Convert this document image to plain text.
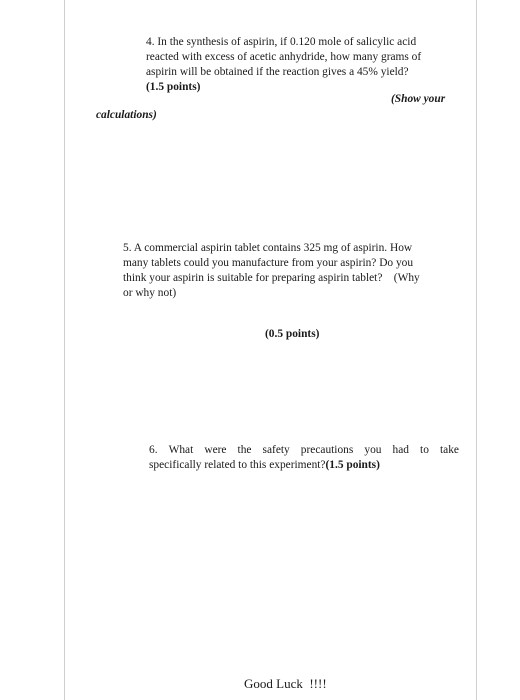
4. In the synthesis of aspirin, if 0.120 mole of salicylic acid
reacted with excess of acetic anhydride, how many grams of
aspirin will be obtained if the reaction gives a 45% yield?
(1.5 points)
(Show your
calculations)
5. A commercial aspirin tablet contains 325 mg of aspirin. How
many tablets could you manufacture from your aspirin? Do you
think your aspirin is suitable for preparing aspirin tablet?    (Why
or why not)
(0.5 points)
6. What were the safety precautions you had to take
specifically related to this experiment?(1.5 points)
Good Luck  !!!!
